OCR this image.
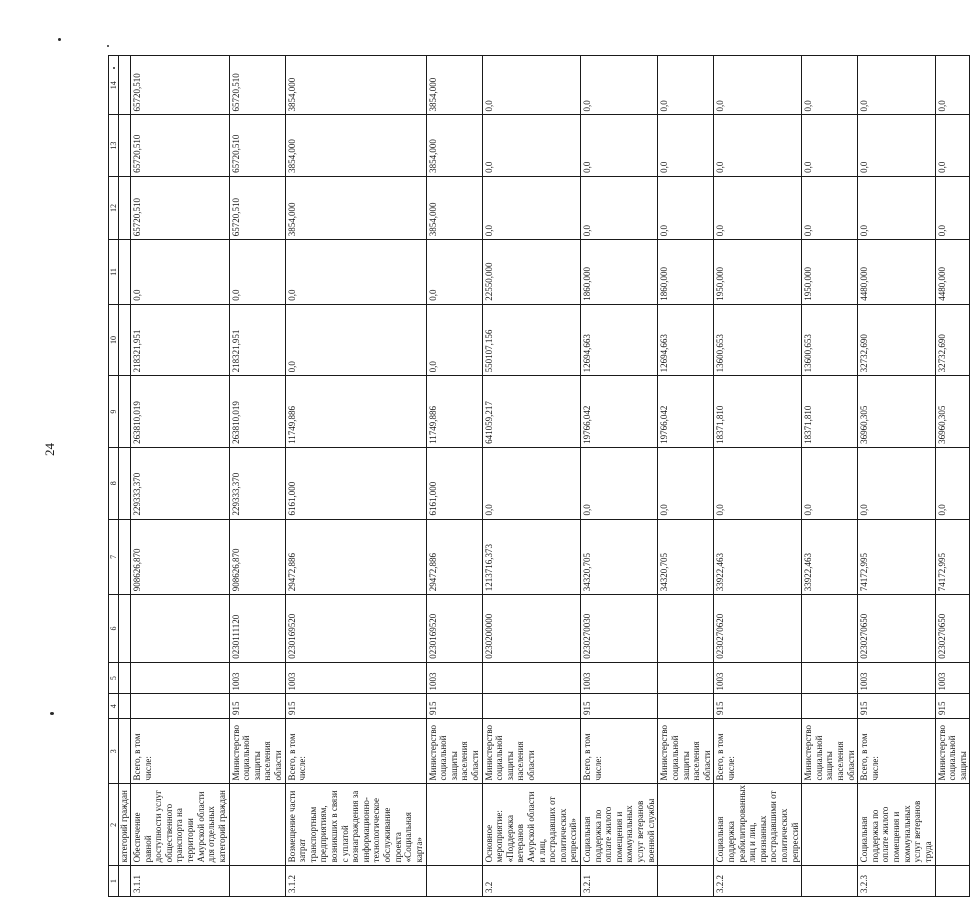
24
1	2	3	4	5	6	7	8	9	10	11	12	13	14
	категорий граждан												
3.1.1	Обеспечение равной доступности услуг общественного транспорта на территории Амурской области для отдельных категорий граждан	Всего, в том числе:				908626,870	229333,370	263810,019	218321,951	0,0	65720,510	65720,510	65720,510
		Министерство социальной защиты населения области	915	1003	0230111120	908626,870	229333,370	263810,019	218321,951	0,0	65720,510	65720,510	65720,510
3.1.2	Возмещение части затрат транспортным предприятиям, возникших в связи с уплатой вознаграждения за информационно-технологическое обслуживание проекта «Социальная карта»	Всего, в том числе:	915	1003	0230169520	29472,886	6161,000	11749,886	0,0	0,0	3854,000	3854,000	3854,000
		Министерство социальной защиты населения области	915	1003	0230169520	29472,886	6161,000	11749,886	0,0	0,0	3854,000	3854,000	3854,000
3.2	Основное мероприятие: «Поддержка ветеранов Амурской области и лиц, пострадавших от политических репрессий»	Министерство социальной защиты населения области			0230200000	1213716,373	0,0	641059,217	550107,156	22550,000	0,0	0,0	0,0
3.2.1	Социальная поддержка по оплате жилого помещения и коммунальных услуг ветеранов военной службы	Всего, в том числе:	915	1003	0230270030	34320,705	0,0	19766,042	12694,663	1860,000	0,0	0,0	0,0
		Министерство социальной защиты населения области				34320,705	0,0	19766,042	12694,663	1860,000	0,0	0,0	0,0
3.2.2	Социальная поддержка реабилитированных лиц и лиц, признанных пострадавшими от политических репрессий	Всего, в том числе:	915	1003	0230270620	33922,463	0,0	18371,810	13600,653	1950,000	0,0	0,0	0,0
		Министерство социальной защиты населения области				33922,463	0,0	18371,810	13600,653	1950,000	0,0	0,0	0,0
3.2.3	Социальная поддержка по оплате жилого помещения и коммунальных услуг ветеранов труда	Всего, в том числе:	915	1003	0230270650	74172,995	0,0	36960,305	32732,690	4480,000	0,0	0,0	0,0
		Министерство социальной защиты	915	1003	0230270650	74172,995	0,0	36960,305	32732,690	4480,000	0,0	0,0	0,0
